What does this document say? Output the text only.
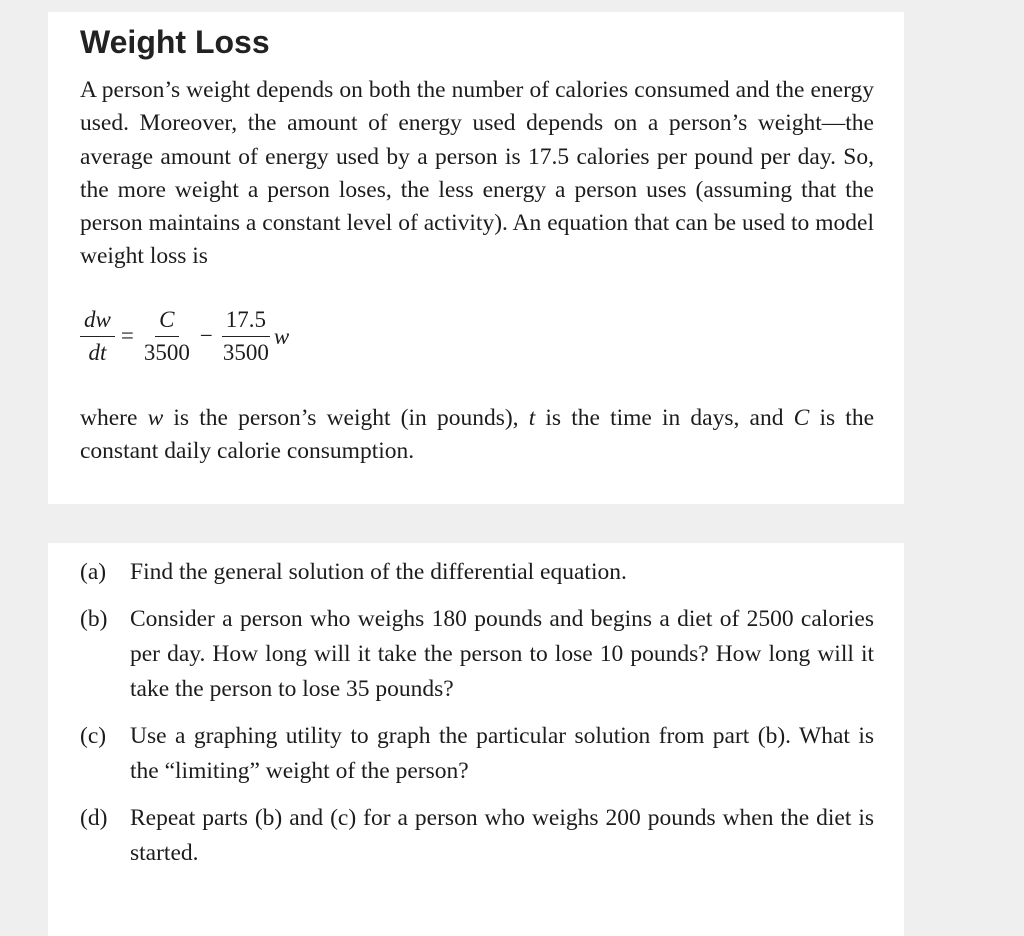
Weight Loss

A person’s weight depends on both the number of calories consumed and the energy used. Moreover, the amount of energy used depends on a person’s weight—the average amount of energy used by a person is 17.5 calories per pound per day. So, the more weight a person loses, the less energy a person uses (assuming that the person maintains a constant level of activity). An equation that can be used to model weight loss is

$\frac{dw}{dt} = \frac{C}{3500} - \frac{17.5}{3500}$ w

where w is the person’s weight (in pounds), t is the time in days, and C is the constant daily calorie consumption.

(a)	Find the general solution of the differential equation.
(b) Consider a person who weighs 180 pounds and begins a diet of 2500 calories per day. How long will it take the person to lose 10 pounds? How long will it take the person to lose 35 pounds?
(c)	Use a graphing utility to graph the particular solution from part (b). What is the “limiting” weight of the person?
(d) Repeat parts (b) and (c) for a person who weighs 200 pounds when the diet is started.
